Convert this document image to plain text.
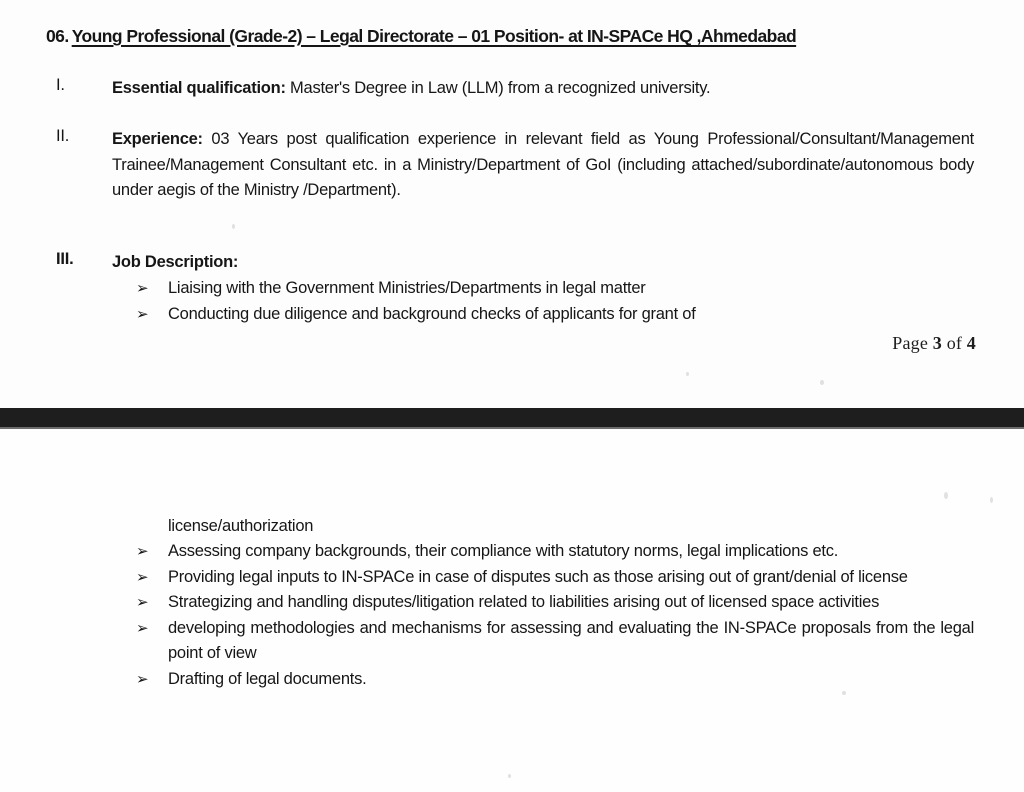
06. Young Professional (Grade-2) – Legal Directorate – 01 Position- at IN-SPACe HQ ,Ahmedabad
I.	Essential qualification: Master's Degree in Law (LLM) from a recognized university.
II.	Experience: 03 Years post qualification experience in relevant field as Young Professional/Consultant/Management Trainee/Management Consultant etc. in a Ministry/Department of GoI (including attached/subordinate/autonomous body under aegis of the Ministry /Department).
III.	Job Description:
➢ Liaising with the Government Ministries/Departments in legal matter
➢ Conducting due diligence and background checks of applicants for grant of
Page 3 of 4
license/authorization
➢ Assessing company backgrounds, their compliance with statutory norms, legal implications etc.
➢ Providing legal inputs to IN-SPACe in case of disputes such as those arising out of grant/denial of license
➢ Strategizing and handling disputes/litigation related to liabilities arising out of licensed space activities
➢ developing methodologies and mechanisms for assessing and evaluating the IN-SPACe proposals from the legal point of view
➢ Drafting of legal documents.
